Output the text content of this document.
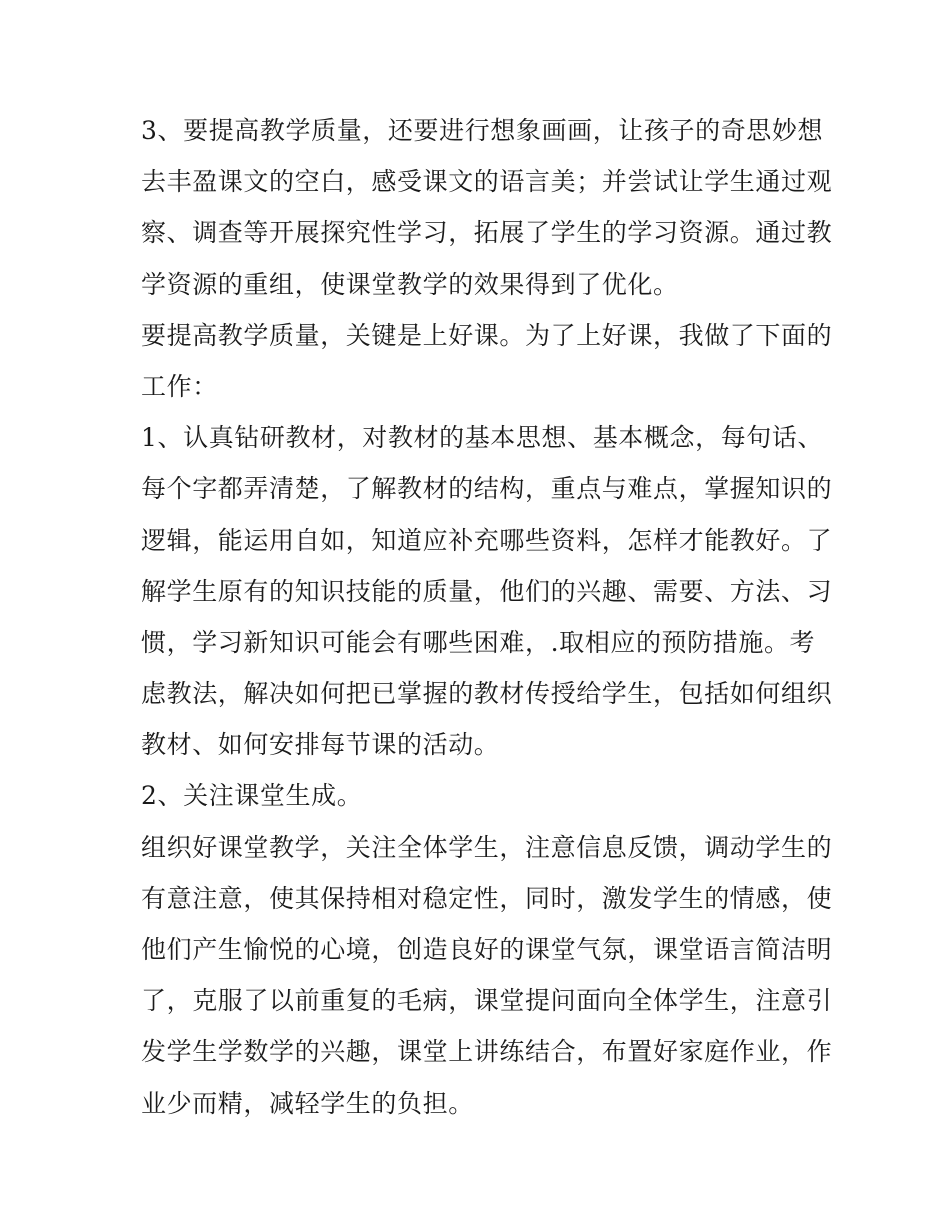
3、要提高教学质量，还要进行想象画画，让孩子的奇思妙想
去丰盈课文的空白，感受课文的语言美；并尝试让学生通过观
察、调查等开展探究性学习，拓展了学生的学习资源。通过教
学资源的重组，使课堂教学的效果得到了优化。
要提高教学质量，关键是上好课。为了上好课，我做了下面的
工作：
1、认真钻研教材，对教材的基本思想、基本概念，每句话、
每个字都弄清楚，了解教材的结构，重点与难点，掌握知识的
逻辑，能运用自如，知道应补充哪些资料，怎样才能教好。了
解学生原有的知识技能的质量，他们的兴趣、需要、方法、习
惯，学习新知识可能会有哪些困难，.取相应的预防措施。考
虑教法，解决如何把已掌握的教材传授给学生，包括如何组织
教材、如何安排每节课的活动。
2、关注课堂生成。
组织好课堂教学，关注全体学生，注意信息反馈，调动学生的
有意注意，使其保持相对稳定性，同时，激发学生的情感，使
他们产生愉悦的心境，创造良好的课堂气氛，课堂语言简洁明
了，克服了以前重复的毛病，课堂提问面向全体学生，注意引
发学生学数学的兴趣，课堂上讲练结合，布置好家庭作业，作
业少而精，减轻学生的负担。
